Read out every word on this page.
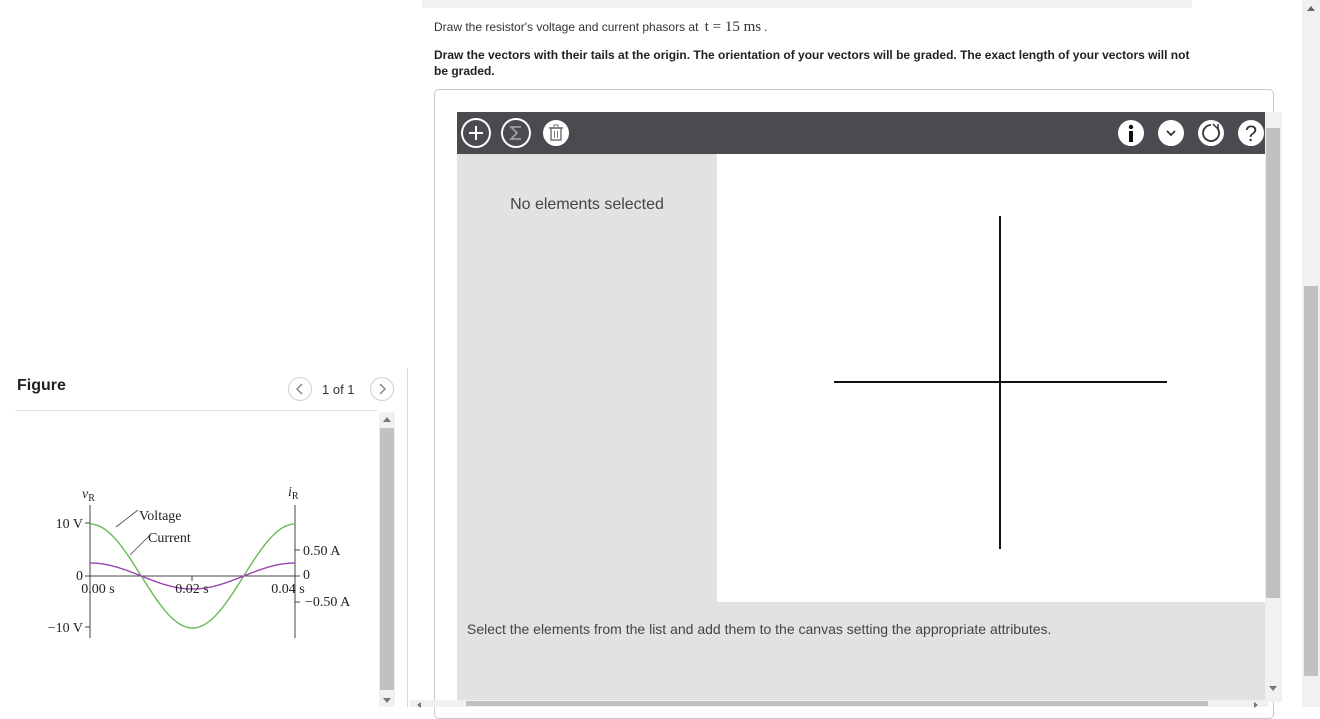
Figure	1 of 1
$v_R$	$i_R$
10 V
0
−10 V
0.50 A
0
−0.50 A
0.00 s	0.02 s	0.04 s
Voltage
Current
Draw the resistor's voltage and current phasors at t = 15 ms .
Draw the vectors with their tails at the origin. The orientation of your vectors will be graded. The exact length of your vectors will not be graded.
?
No elements selected
Select the elements from the list and add them to the canvas setting the appropriate attributes.
